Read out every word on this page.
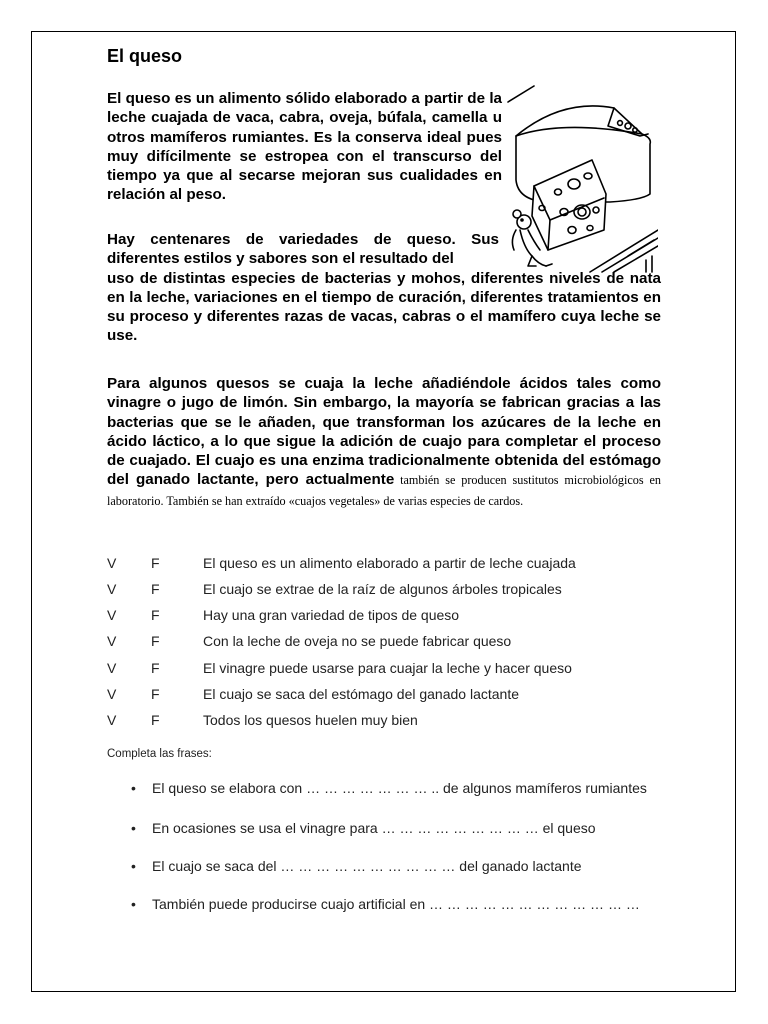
El queso

El queso es un alimento sólido elaborado a partir de la leche cuajada de vaca, cabra, oveja, búfala, camella u otros mamíferos rumiantes. Es la conserva ideal pues muy difícilmente se estropea con el transcurso del tiempo ya que al secarse mejoran sus cualidades en relación al peso.

Hay centenares de variedades de queso. Sus diferentes estilos y sabores son el resultado del
uso de distintas especies de bacterias y mohos, diferentes niveles de nata en la leche, variaciones en el tiempo de curación, diferentes tratamientos en su proceso y diferentes razas de vacas, cabras o el mamífero cuya leche se use.

Para algunos quesos se cuaja la leche añadiéndole ácidos tales como vinagre o jugo de limón. Sin embargo, la mayoría se fabrican gracias a las bacterias que se le añaden, que transforman los azúcares de la leche en ácido láctico, a lo que sigue la adición de cuajo para completar el proceso de cuajado. El cuajo es una enzima tradicionalmente obtenida del estómago del ganado lactante, pero actualmente también se producen sustitutos microbiológicos en laboratorio. También se han extraído «cuajos vegetales» de varias especies de cardos.

V F	El queso es un alimento elaborado a partir de leche cuajada
V F	El cuajo se extrae de la raíz de algunos árboles tropicales
V F	Hay una gran variedad de tipos de queso
V F	Con la leche de oveja no se puede fabricar queso
V F	El vinagre puede usarse para cuajar la leche y hacer queso
V F	El cuajo se saca del estómago del ganado lactante
V F	Todos los quesos huelen muy bien
Completa las frases:
• El queso se elabora con … … … … … … … .. de algunos mamíferos rumiantes
• En ocasiones se usa el vinagre para … … … … … … … … … el queso
• El cuajo se saca del … … … … … … … … … … del ganado lactante
• También puede producirse cuajo artificial en … … … … … … … … … … … …
